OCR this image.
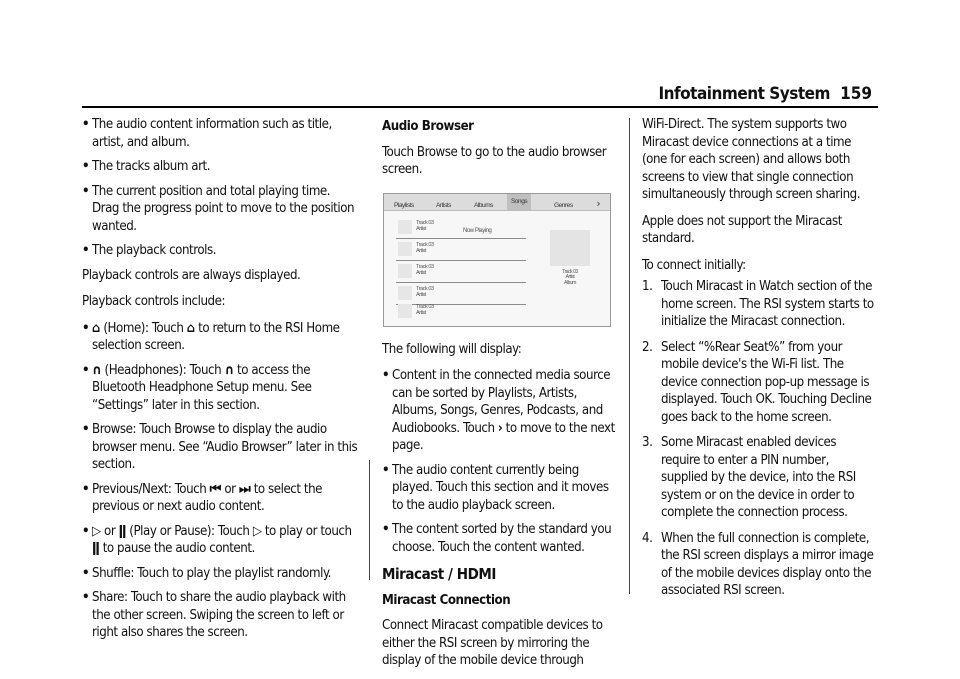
Infotainment System 159
• The audio content information such as title, artist, and album.
• The tracks album art.
• The current position and total playing time. Drag the progress point to move to the position wanted.
• The playback controls.

Playback controls are always displayed.

Playback controls include:

• ⌂ (Home): Touch ⌂ to return to the RSI Home selection screen.
• ∩ (Headphones): Touch ∩ to access the Bluetooth Headphone Setup menu. See “Settings” later in this section.
• Browse: Touch Browse to display the audio browser menu. See “Audio Browser” later in this section.
• Previous/Next: Touch ⏮ or ⏭ to select the previous or next audio content.
• ▷ or ǁ (Play or Pause): Touch ▷ to play or touch ǁ to pause the audio content.
• Shuffle: Touch to play the playlist randomly.
• Share: Touch to share the audio playback with the other screen. Swiping the screen to left or right also shares the screen.
Audio Browser

Touch Browse to go to the audio browser screen.

Playlists	Artists	Albums
Songs
Genres ›
Track 03
Artist
Track 03
Artist
Track 03
Artist
Track 03
Artist
Track 03
Artist
Now Playing
Track 03
Artist
Album

The following will display:

• Content in the connected media source can be sorted by Playlists, Artists, Albums, Songs, Genres, Podcasts, and Audiobooks. Touch › to move to the next page.
• The audio content currently being played. Touch this section and it moves to the audio playback screen.
• The content sorted by the standard you choose. Touch the content wanted.
Miracast / HDMI
Miracast Connection

Connect Miracast compatible devices to either the RSI screen by mirroring the display of the mobile device through

WiFi-Direct. The system supports two Miracast device connections at a time (one for each screen) and allows both screens to view that single connection simultaneously through screen sharing.

Apple does not support the Miracast standard.

To connect initially:

1. Touch Miracast in Watch section of the home screen. The RSI system starts to initialize the Miracast connection.
2. Select “%Rear Seat%” from your mobile device's the Wi-Fi list. The device connection pop-up message is displayed. Touch OK. Touching Decline goes back to the home screen.
3. Some Miracast enabled devices require to enter a PIN number, supplied by the device, into the RSI system or on the device in order to complete the connection process.
4. When the full connection is complete, the RSI screen displays a mirror image of the mobile devices display onto the associated RSI screen.
